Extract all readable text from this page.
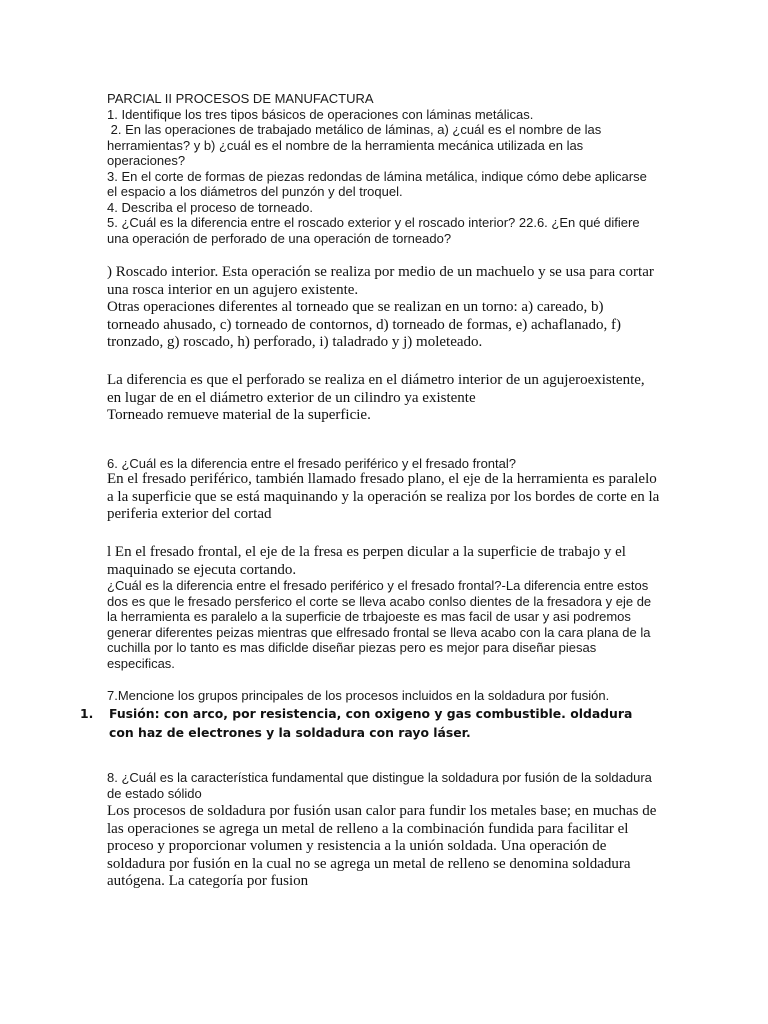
PARCIAL II PROCESOS DE MANUFACTURA
1. Identifique los tres tipos básicos de operaciones con láminas metálicas.
2. En las operaciones de trabajado metálico de láminas, a) ¿cuál es el nombre de las
herramientas? y b) ¿cuál es el nombre de la herramienta mecánica utilizada en las
operaciones?
3. En el corte de formas de piezas redondas de lámina metálica, indique cómo debe aplicarse
el espacio a los diámetros del punzón y del troquel.
4. Describa el proceso de torneado.
5. ¿Cuál es la diferencia entre el roscado exterior y el roscado interior? 22.6. ¿En qué difiere
una operación de perforado de una operación de torneado?
) Roscado interior. Esta operación se realiza por medio de un machuelo y se usa para cortar
una rosca interior en un agujero existente.
Otras operaciones diferentes al torneado que se realizan en un torno: a) careado, b)
torneado ahusado, c) torneado de contornos, d) torneado de formas, e) achaflanado, f)
tronzado, g) roscado, h) perforado, i) taladrado y j) moleteado.
La diferencia es que el perforado se realiza en el diámetro interior de un agujeroexistente,
en lugar de en el diámetro exterior de un cilindro ya existente
Torneado remueve material de la superficie.
6. ¿Cuál es la diferencia entre el fresado periférico y el fresado frontal?
En el fresado periférico, también llamado fresado plano, el eje de la herramienta es paralelo
a la superficie que se está maquinando y la operación se realiza por los bordes de corte en la
periferia exterior del cortad
l En el fresado frontal, el eje de la fresa es perpen dicular a la superficie de trabajo y el
maquinado se ejecuta cortando.
¿Cuál es la diferencia entre el fresado periférico y el fresado frontal?-La diferencia entre estos
dos es que le fresado persferico el corte se lleva acabo conlso dientes de la fresadora y eje de
la herramienta es paralelo a la superficie de trbajoeste es mas facil de usar y asi podremos
generar diferentes peizas mientras que elfresado frontal se lleva acabo con la cara plana de la
cuchilla por lo tanto es mas dificlde diseñar piezas pero es mejor para diseñar piesas
especificas.
7.Mencione los grupos principales de los procesos incluidos en la soldadura por fusión.
1. Fusión: con arco, por resistencia, con oxigeno y gas combustible. oldadura
con haz de electrones y la soldadura con rayo láser.
8. ¿Cuál es la característica fundamental que distingue la soldadura por fusión de la soldadura
de estado sólido
Los procesos de soldadura por fusión usan calor para fundir los metales base; en muchas de
las operaciones se agrega un metal de relleno a la combinación fundida para facilitar el
proceso y proporcionar volumen y resistencia a la unión soldada. Una operación de
soldadura por fusión en la cual no se agrega un metal de relleno se denomina soldadura
autógena. La categoría por fusion
